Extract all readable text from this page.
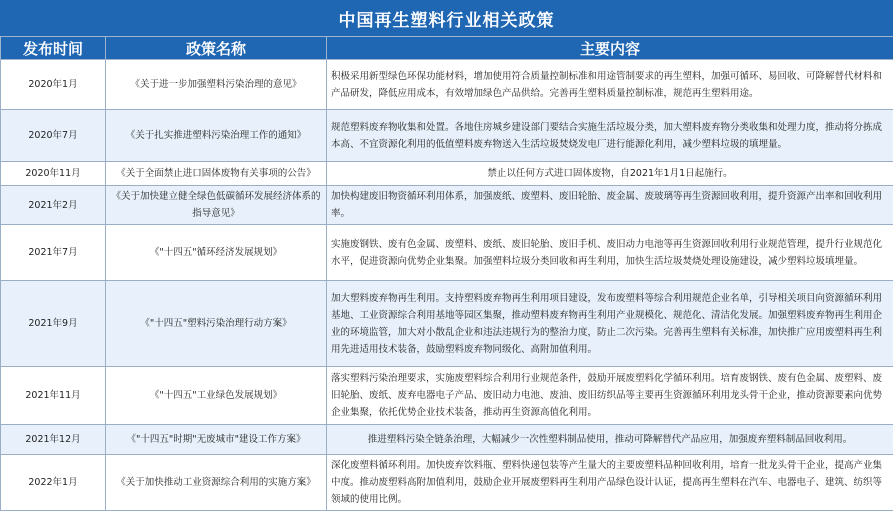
中国再生塑料行业相关政策
发布时间	政策名称	主要内容
2020年1月	《关于进一步加强塑料污染治理的意见》	积极采用新型绿色环保功能材料，增加使用符合质量控制标准和用途管制要求的再生塑料，加强可循环、易回收、可降解替代材料和产品研发，降低应用成本，有效增加绿色产品供给。完善再生塑料质量控制标准，规范再生塑料用途。
2020年7月	《关于扎实推进塑料污染治理工作的通知》	规范塑料废弃物收集和处置。各地住房城乡建设部门要结合实施生活垃圾分类，加大塑料废弃物分类收集和处理力度，推动将分拣成本高、不宜资源化利用的低值塑料废弃物送入生活垃圾焚烧发电厂进行能源化利用，减少塑料垃圾的填埋量。
2020年11月	《关于全面禁止进口固体废物有关事项的公告》	禁止以任何方式进口固体废物，自2021年1月1日起施行。
2021年2月	《关于加快建立健全绿色低碳循环发展经济体系的指导意见》	加快构建废旧物资循环利用体系，加强废纸、废塑料、废旧轮胎、废金属、废玻璃等再生资源回收利用，提升资源产出率和回收利用率。
2021年7月	《"十四五"循环经济发展规划》	实施废钢铁、废有色金属、废塑料、废纸、废旧轮胎、废旧手机、废旧动力电池等再生资源回收利用行业规范管理，提升行业规范化水平，促进资源向优势企业集聚。加强塑料垃圾分类回收和再生利用，加快生活垃圾焚烧处理设施建设，减少塑料垃圾填埋量。
2021年9月	《"十四五"塑料污染治理行动方案》	加大塑料废弃物再生利用。支持塑料废弃物再生利用项目建设，发布废塑料等综合利用规范企业名单，引导相关项目向资源循环利用基地、工业资源综合利用基地等园区集聚，推动塑料废弃物再生利用产业规模化、规范化、清洁化发展。加强塑料废弃物再生利用企业的环境监管，加大对小散乱企业和违法违规行为的整治力度，防止二次污染。完善再生塑料有关标准，加快推广应用废塑料再生利用先进适用技术装备，鼓励塑料废弃物同级化、高附加值利用。
2021年11月	《"十四五"工业绿色发展规划》	落实塑料污染治理要求，实施废塑料综合利用行业规范条件，鼓励开展废塑料化学循环利用。培育废钢铁、废有色金属、废塑料、废旧轮胎、废纸、废弃电器电子产品、废旧动力电池、废油、废旧纺织品等主要再生资源循环利用龙头骨干企业，推动资源要素向优势企业集聚，依托优势企业技术装备，推动再生资源高值化利用。
2021年12月	《"十四五"时期"无废城市"建设工作方案》	推进塑料污染全链条治理，大幅减少一次性塑料制品使用，推动可降解替代产品应用，加强废弃塑料制品回收利用。
2022年1月	《关于加快推动工业资源综合利用的实施方案》	深化废塑料循环利用。加快废弃饮料瓶、塑料快递包装等产生量大的主要废塑料品种回收利用，培育一批龙头骨干企业，提高产业集中度。推动废塑料高附加值利用，鼓励企业开展废塑料再生利用产品绿色设计认证，提高再生塑料在汽车、电器电子、建筑、纺织等领域的使用比例。
